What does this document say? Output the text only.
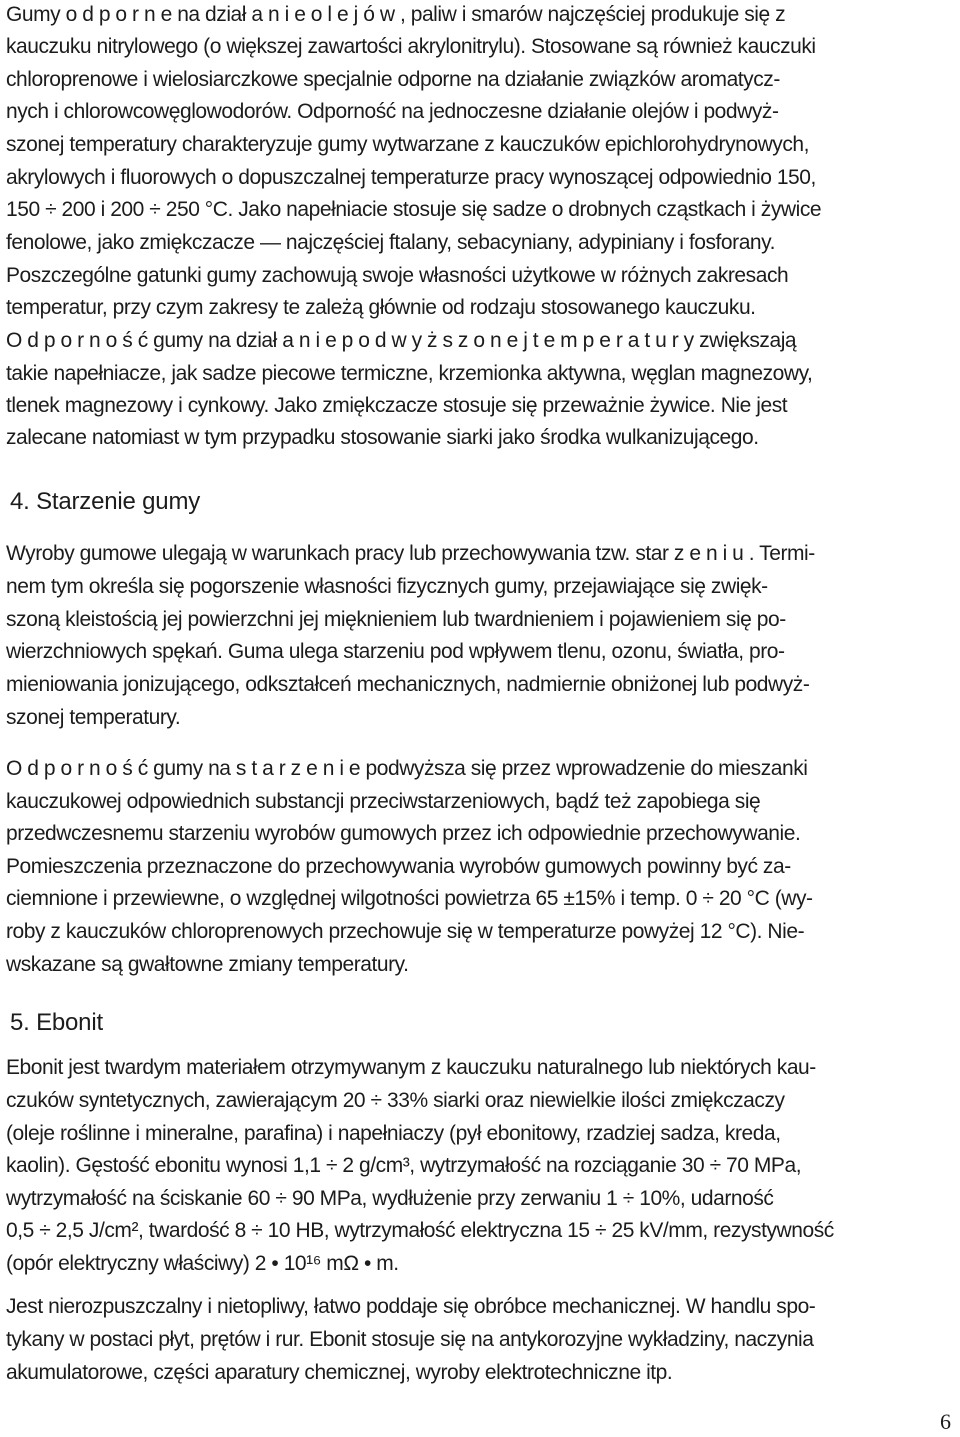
Gumy o d p o r n e na dział a n i e o l e j ó w , paliw i smarów najczęściej produkuje się z
kauczuku nitrylowego (o większej zawartości akrylonitrylu). Stosowane są również kauczuki
chloroprenowe i wielosiarczkowe specjalnie odporne na działanie związków aromatycz-
nych i chlorowcowęglowodorów. Odporność na jednoczesne działanie olejów i podwyż-
szonej temperatury charakteryzuje gumy wytwarzane z kauczuków epichlorohydrynowych,
akrylowych i fluorowych o dopuszczalnej temperaturze pracy wynoszącej odpowiednio 150,
150 ÷ 200 i 200 ÷ 250 °C. Jako napełniacie stosuje się sadze o drobnych cząstkach i żywice
fenolowe, jako zmiękczacze — najczęściej ftalany, sebacyniany, adypiniany i fosforany.
Poszczególne gatunki gumy zachowują swoje własności użytkowe w różnych zakresach
temperatur, przy czym zakresy te zależą głównie od rodzaju stosowanego kauczuku.
O d p o r n o ś ć gumy na dział a n i e p o d w y ż s z o n e j t e m p e r a t u r y zwiększają
takie napełniacze, jak sadze piecowe termiczne, krzemionka aktywna, węglan magnezowy,
tlenek magnezowy i cynkowy. Jako zmiękczacze stosuje się przeważnie żywice. Nie jest
zalecane natomiast w tym przypadku stosowanie siarki jako środka wulkanizującego.
4. Starzenie gumy
Wyroby gumowe ulegają w warunkach pracy lub przechowywania tzw. star z e n i u . Termi-
nem tym określa się pogorszenie własności fizycznych gumy, przejawiające się zwięk-
szoną kleistością jej powierzchni jej mięknieniem lub twardnieniem i pojawieniem się po-
wierzchniowych spękań. Guma ulega starzeniu pod wpływem tlenu, ozonu, światła, pro-
mieniowania jonizującego, odkształceń mechanicznych, nadmiernie obniżonej lub podwyż-
szonej temperatury.
O d p o r n o ś ć gumy na s t a r z e n i e podwyższa się przez wprowadzenie do mieszanki
kauczukowej odpowiednich substancji przeciwstarzeniowych, bądź też zapobiega się
przedwczesnemu starzeniu wyrobów gumowych przez ich odpowiednie przechowywanie.
Pomieszczenia przeznaczone do przechowywania wyrobów gumowych powinny być za-
ciemnione i przewiewne, o względnej wilgotności powietrza 65 ±15% i temp. 0 ÷ 20 °C (wy-
roby z kauczuków chloroprenowych przechowuje się w temperaturze powyżej 12 °C). Nie-
wskazane są gwałtowne zmiany temperatury.
5. Ebonit
Ebonit jest twardym materiałem otrzymywanym z kauczuku naturalnego lub niektórych kau-
czuków syntetycznych, zawierającym 20 ÷ 33% siarki oraz niewielkie ilości zmiękczaczy
(oleje roślinne i mineralne, parafina) i napełniaczy (pył ebonitowy, rzadziej sadza, kreda,
kaolin). Gęstość ebonitu wynosi 1,1 ÷ 2 g/cm³, wytrzymałość na rozciąganie 30 ÷ 70 MPa,
wytrzymałość na ściskanie 60 ÷ 90 MPa, wydłużenie przy zerwaniu 1 ÷ 10%, udarność
0,5 ÷ 2,5 J/cm², twardość 8 ÷ 10 HB, wytrzymałość elektryczna 15 ÷ 25 kV/mm, rezystywność
(opór elektryczny właściwy) 2 • 10¹⁶ mΩ • m.
Jest nierozpuszczalny i nietopliwy, łatwo poddaje się obróbce mechanicznej. W handlu spo-
tykany w postaci płyt, prętów i rur. Ebonit stosuje się na antykorozyjne wykładziny, naczynia
akumulatorowe, części aparatury chemicznej, wyroby elektrotechniczne itp.
6
